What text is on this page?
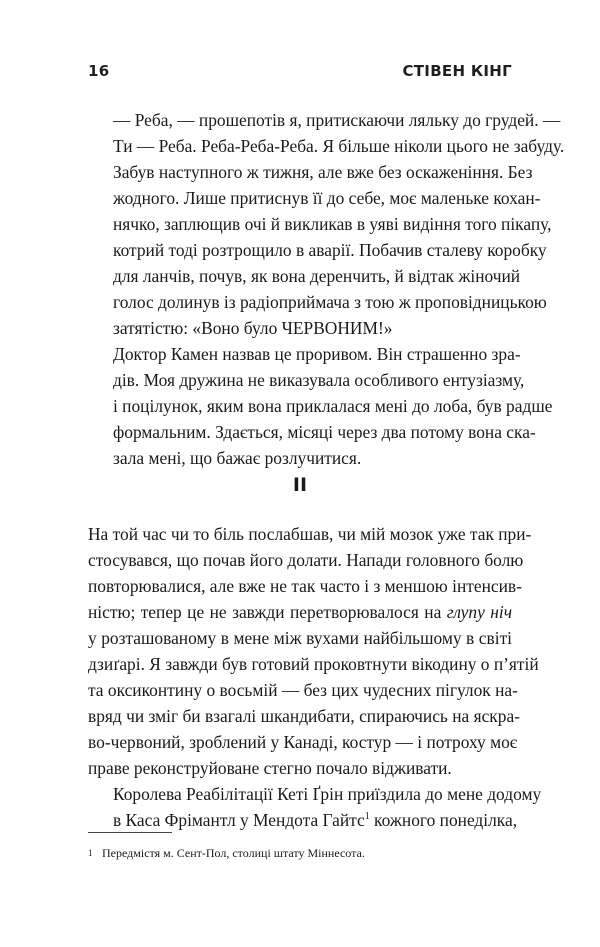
16	СТІВЕН КІНГ

— Реба, — прошепотів я, притискаючи ляльку до грудей. —
Ти — Реба. Реба-Реба-Реба. Я більше ніколи цього не забуду.

Забув наступного ж тижня, але вже без оскаженіння. Без
жодного. Лише притиснув її до себе, моє маленьке кохан-
нячко, заплющив очі й викликав в уяві видіння того пікапу,
котрий тоді розтрощило в аварії. Побачив сталеву коробку
для ланчів, почув, як вона деренчить, й відтак жіночий
голос долинув із радіоприймача з тою ж проповідницькою
затятістю: «Воно було ЧЕРВОНИМ!»

Доктор Камен назвав це проривом. Він страшенно зра-
дів. Моя дружина не виказувала особливого ентузіазму,
і поцілунок, яким вона приклалася мені до лоба, був радше
формальним. Здається, місяці через два потому вона ска-
зала мені, що бажає розлучитися.

II

На той час чи то біль послабшав, чи мій мозок уже так при-
стосувався, що почав його долати. Напади головного болю
повторювалися, але вже не так часто і з меншою інтенсив-
ністю; тепер це не завжди перетворювалося на глупу ніч
у розташованому в мене між вухами найбільшому в світі
дзиґарі. Я завжди був готовий проковтнути вікодину о п’ятій
та оксиконтину о восьмій — без цих чудесних пігулок на-
вряд чи зміг би взагалі шкандибати, спираючись на яскра-
во-червоний, зроблений у Канаді, костур — і потроху моє
праве реконструйоване стегно почало відживати.

Королева Реабілітації Кеті Ґрін приїздила до мене додому
в Каса Фрімантл у Мендота Гайтс$^1$ кожного понеділка,

1 Передмістя м. Сент-Пол, столиці штату Міннесота.
